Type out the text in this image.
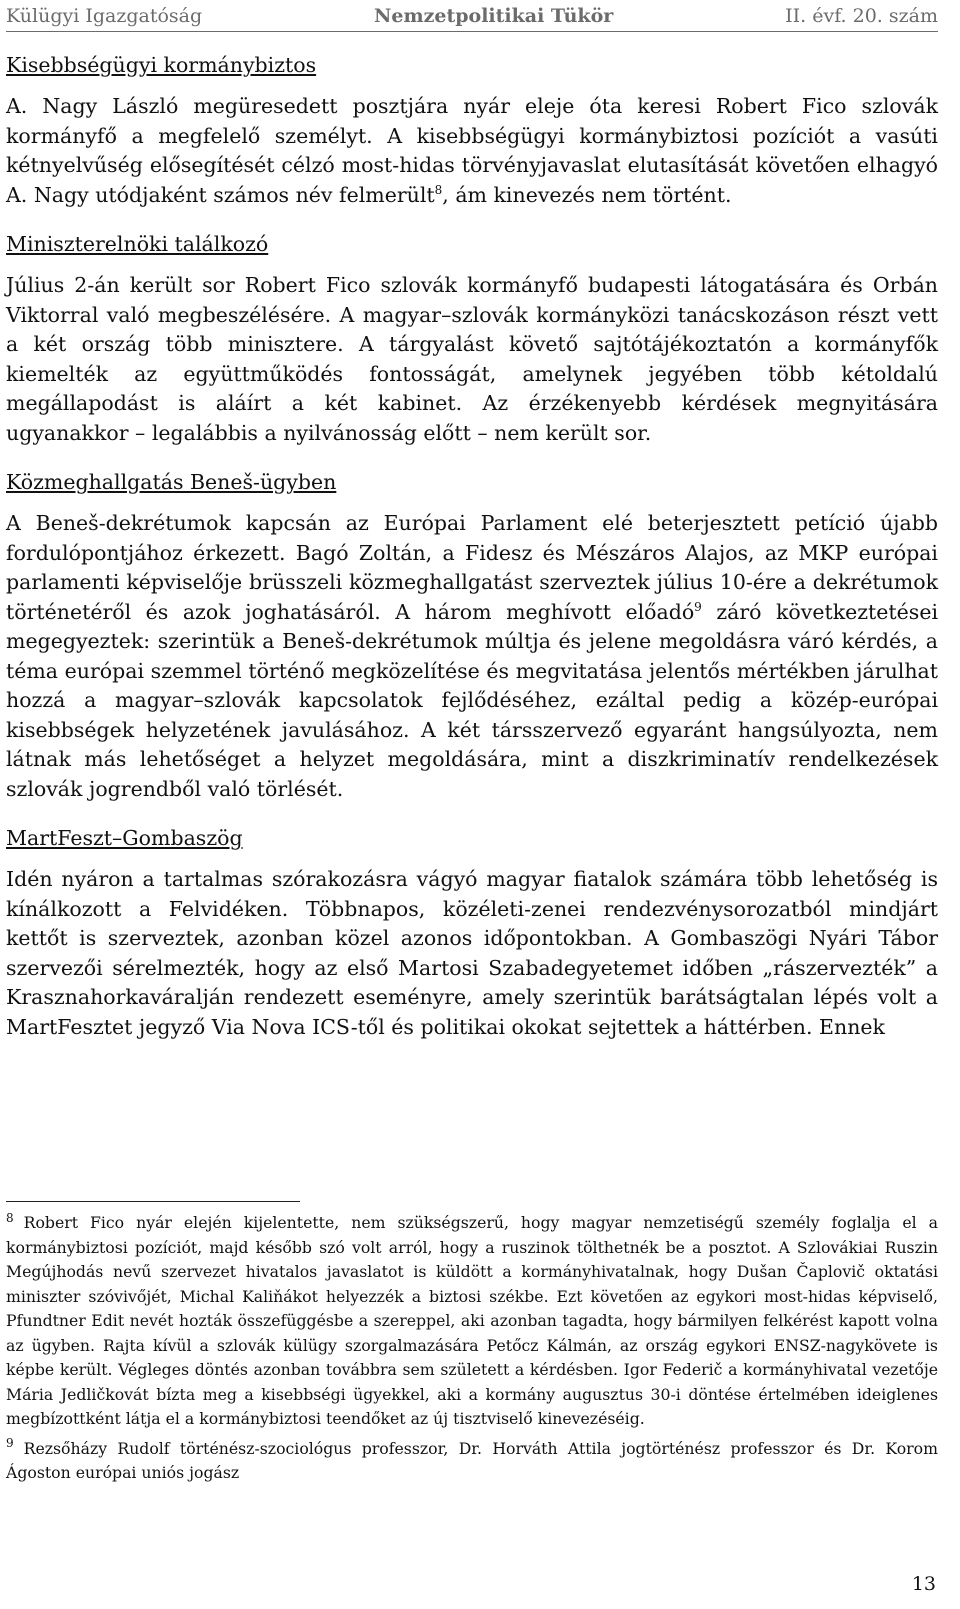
Külügyi Igazgatóság	Nemzetpolitikai Tükör	II. évf. 20. szám
Kisebbségügyi kormánybiztos

A. Nagy László megüresedett posztjára nyár eleje óta keresi Robert Fico szlovák kormányfő a megfelelő személyt. A kisebbségügyi kormánybiztosi pozíciót a vasúti kétnyelvűség elősegítését célzó most-hidas törvényjavaslat elutasítását követően elhagyó A. Nagy utódjaként számos név felmerült$^8$, ám kinevezés nem történt.

Miniszterelnöki találkozó

Július 2-án került sor Robert Fico szlovák kormányfő budapesti látogatására és Orbán Viktorral való megbeszélésére. A magyar–szlovák kormányközi tanácskozáson részt vett a két ország több minisztere. A tárgyalást követő sajtótájékoztatón a kormányfők kiemelték az együttműködés fontosságát, amelynek jegyében több kétoldalú megállapodást is aláírt a két kabinet. Az érzékenyebb kérdések megnyitására ugyanakkor – legalábbis a nyilvánosság előtt – nem került sor.

Közmeghallgatás Beneš-ügyben

A Beneš-dekrétumok kapcsán az Európai Parlament elé beterjesztett petíció újabb fordulópontjához érkezett. Bagó Zoltán, a Fidesz és Mészáros Alajos, az MKP európai parlamenti képviselője brüsszeli közmeghallgatást szerveztek július 10-ére a dekrétumok történetéről és azok joghatásáról. A három meghívott előadó$^9$ záró következtetései megegyeztek: szerintük a Beneš-dekrétumok múltja és jelene megoldásra váró kérdés, a téma európai szemmel történő megközelítése és megvitatása jelentős mértékben járulhat hozzá a magyar–szlovák kapcsolatok fejlődéséhez, ezáltal pedig a közép-európai kisebbségek helyzetének javulásához. A két társszervező egyaránt hangsúlyozta, nem látnak más lehetőséget a helyzet megoldására, mint a diszkriminatív rendelkezések szlovák jogrendből való törlését.

MartFeszt–Gombaszög

Idén nyáron a tartalmas szórakozásra vágyó magyar fiatalok számára több lehetőség is kínálkozott a Felvidéken. Többnapos, közéleti-zenei rendezvénysorozatból mindjárt kettőt is szerveztek, azonban közel azonos időpontokban. A Gombaszögi Nyári Tábor szervezői sérelmezték, hogy az első Martosi Szabadegyetemet időben „rászervezték” a Krasznahorkaváralján rendezett eseményre, amely szerintük barátságtalan lépés volt a MartFesztet jegyző Via Nova ICS-től és politikai okokat sejtettek a háttérben. Ennek

$^8$ Robert Fico nyár elején kijelentette, nem szükségszerű, hogy magyar nemzetiségű személy foglalja el a kormánybiztosi pozíciót, majd később szó volt arról, hogy a ruszinok tölthetnék be a posztot. A Szlovákiai Ruszin Megújhodás nevű szervezet hivatalos javaslatot is küldött a kormányhivatalnak, hogy Dušan Čaplovič oktatási miniszter szóvivőjét, Michal Kaliňákot helyezzék a biztosi székbe. Ezt követően az egykori most-hidas képviselő, Pfundtner Edit nevét hozták összefüggésbe a szereppel, aki azonban tagadta, hogy bármilyen felkérést kapott volna az ügyben. Rajta kívül a szlovák külügy szorgalmazására Petőcz Kálmán, az ország egykori ENSZ-nagykövete is képbe került. Végleges döntés azonban továbbra sem született a kérdésben. Igor Federič a kormányhivatal vezetője Mária Jedličkovát bízta meg a kisebbségi ügyekkel, aki a kormány augusztus 30-i döntése értelmében ideiglenes megbízottként látja el a kormánybiztosi teendőket az új tisztviselő kinevezéséig.

$^9$ Rezsőházy Rudolf történész-szociológus professzor, Dr. Horváth Attila jogtörténész professzor és Dr. Korom Ágoston európai uniós jogász

13
